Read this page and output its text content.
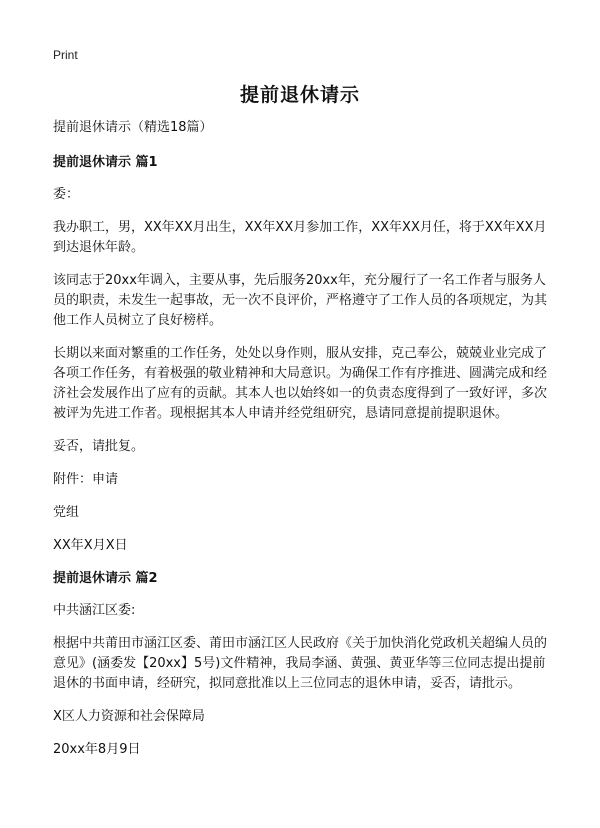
Print
提前退休请示

提前退休请示（精选18篇）

提前退休请示 篇1

委：

我办职工，男，XX年XX月出生，XX年XX月参加工作，XX年XX月任，将于XX年XX月到达退休年龄。

该同志于20xx年调入，主要从事，先后服务20xx年，充分履行了一名工作者与服务人员的职责，未发生一起事故，无一次不良评价，严格遵守了工作人员的各项规定，为其他工作人员树立了良好榜样。

长期以来面对繁重的工作任务，处处以身作则，服从安排，克己奉公，兢兢业业完成了各项工作任务，有着极强的敬业精神和大局意识。为确保工作有序推进、圆满完成和经济社会发展作出了应有的贡献。其本人也以始终如一的负责态度得到了一致好评，多次被评为先进工作者。现根据其本人申请并经党组研究，恳请同意提前提职退休。

妥否，请批复。

附件：申请

党组

XX年X月X日

提前退休请示 篇2

中共涵江区委:

根据中共莆田市涵江区委、莆田市涵江区人民政府《关于加快消化党政机关超编人员的意见》(涵委发【20xx】5号)文件精神，我局李涵、黄强、黄亚华等三位同志提出提前退休的书面申请，经研究，拟同意批准以上三位同志的退休申请，妥否，请批示。

X区人力资源和社会保障局

20xx年8月9日
